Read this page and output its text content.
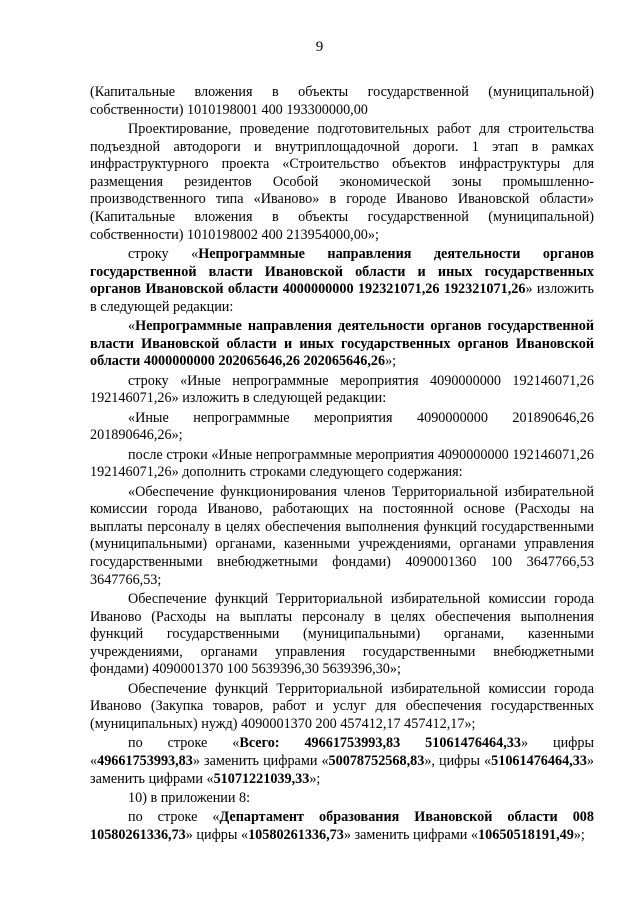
9

(Капитальные вложения в объекты государственной (муниципальной) собственности) 1010198001 400 193300000,00

Проектирование, проведение подготовительных работ для строительства подъездной автодороги и внутриплощадочной дороги. 1 этап в рамках инфраструктурного проекта «Строительство объектов инфраструктуры для размещения резидентов Особой экономической зоны промышленно-производственного типа «Иваново» в городе Иваново Ивановской области» (Капитальные вложения в объекты государственной (муниципальной) собственности) 1010198002 400 213954000,00»;

строку «Непрограммные направления деятельности органов государственной власти Ивановской области и иных государственных органов Ивановской области 4000000000 192321071,26 192321071,26» изложить в следующей редакции:

«Непрограммные направления деятельности органов государственной власти Ивановской области и иных государственных органов Ивановской области 4000000000 202065646,26 202065646,26»;

строку «Иные непрограммные мероприятия 4090000000 192146071,26 192146071,26» изложить в следующей редакции:

«Иные непрограммные мероприятия 4090000000 201890646,26 201890646,26»;

после строки «Иные непрограммные мероприятия 4090000000 192146071,26 192146071,26» дополнить строками следующего содержания:

«Обеспечение функционирования членов Территориальной избирательной комиссии города Иваново, работающих на постоянной основе (Расходы на выплаты персоналу в целях обеспечения выполнения функций государственными (муниципальными) органами, казенными учреждениями, органами управления государственными внебюджетными фондами) 4090001360 100 3647766,53 3647766,53;

Обеспечение функций Территориальной избирательной комиссии города Иваново (Расходы на выплаты персоналу в целях обеспечения выполнения функций государственными (муниципальными) органами, казенными учреждениями, органами управления государственными внебюджетными фондами) 4090001370 100 5639396,30 5639396,30»;

Обеспечение функций Территориальной избирательной комиссии города Иваново (Закупка товаров, работ и услуг для обеспечения государственных (муниципальных) нужд) 4090001370 200 457412,17 457412,17»;

по строке «Всего: 49661753993,83 51061476464,33» цифры «49661753993,83» заменить цифрами «50078752568,83», цифры «51061476464,33» заменить цифрами «51071221039,33»;

10) в приложении 8:

по строке «Департамент образования Ивановской области 008 10580261336,73» цифры «10580261336,73» заменить цифрами «10650518191,49»;
